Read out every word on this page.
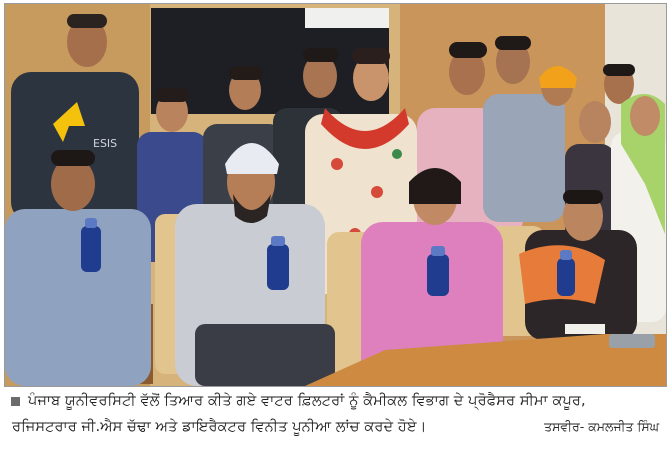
ESIS
ਪੰਜਾਬ ਯੂਨੀਵਰਸਿਟੀ ਵੱਲੋਂ ਤਿਆਰ ਕੀਤੇ ਗਏ ਵਾਟਰ ਫ਼ਿਲਟਰਾਂ ਨੂੰ ਕੈਮੀਕਲ ਵਿਭਾਗ ਦੇ ਪ੍ਰੋਫੈਸਰ ਸੀਮਾ ਕਪੂਰ,
ਰਜਿਸਟਰਾਰ ਜੀ.ਐਸ ਚੱਢਾ ਅਤੇ ਡਾਇਰੈਕਟਰ ਵਿਨੀਤ ਪੂਨੀਆ ਲਾਂਚ ਕਰਦੇ ਹੋਏ।	ਤਸਵੀਰ- ਕਮਲਜੀਤ ਸਿੰਘ
